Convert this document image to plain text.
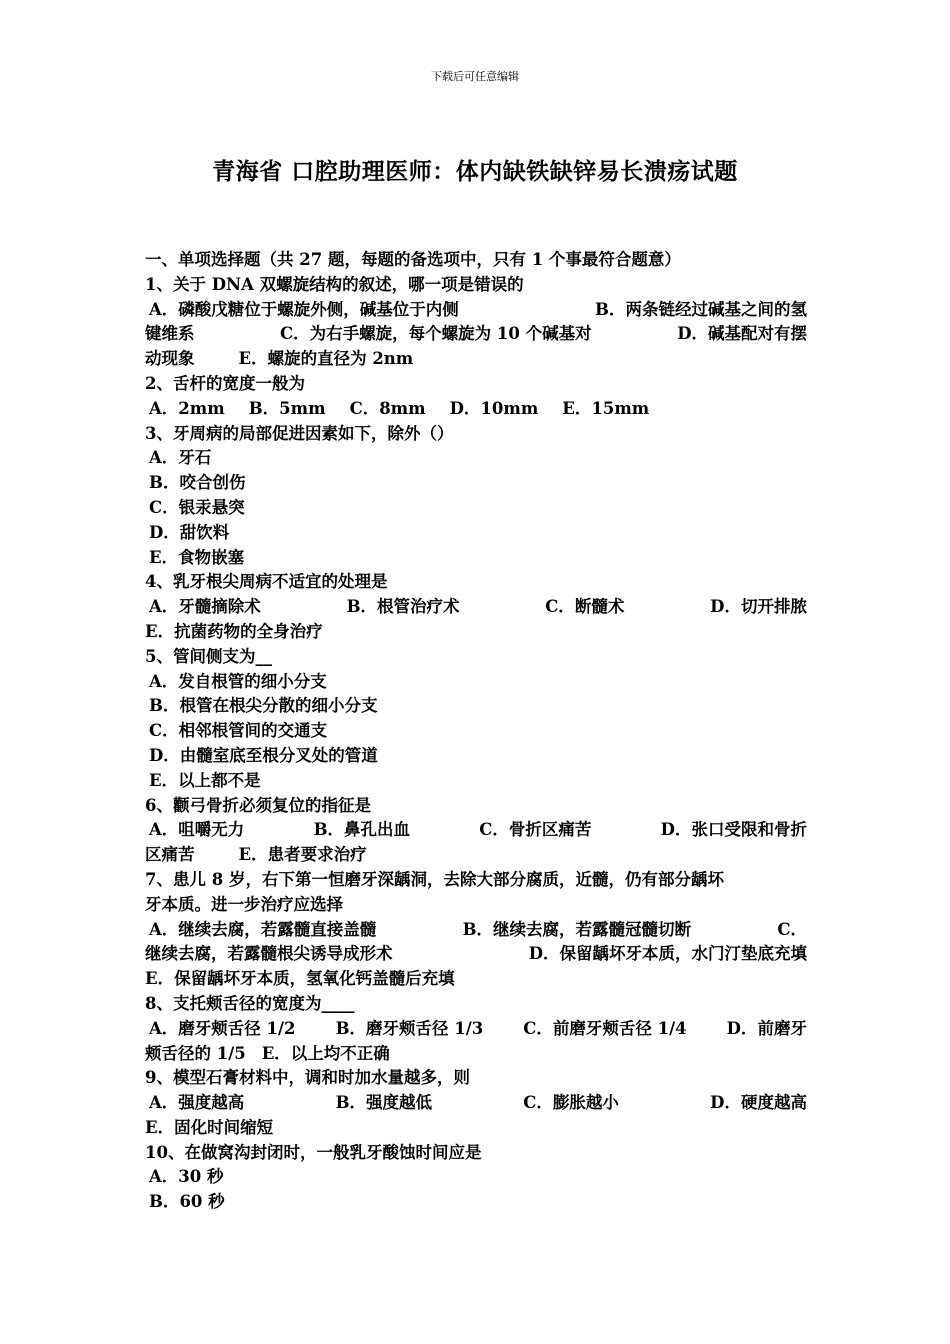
下载后可任意编辑
青海省 口腔助理医师：体内缺铁缺锌易长溃疡试题
一、单项选择题（共 27 题，每题的备选项中，只有 1 个事最符合题意）
1、关于 DNA 双螺旋结构的叙述，哪一项是错误的
A．磷酸戊糖位于螺旋外侧，碱基位于内侧	B．两条链经过碱基之间的氢
键维系	C．为右手螺旋，每个螺旋为 10 个碱基对	D．碱基配对有摆
动现象	E．螺旋的直径为 2nm
2、舌杆的宽度一般为
A．2mm B．5mm C．8mm D．10mm E．15mm
3、牙周病的局部促进因素如下，除外（）
A．牙石
B．咬合创伤
C．银汞悬突
D．甜饮料
E．食物嵌塞
4、乳牙根尖周病不适宜的处理是
A．牙髓摘除术	B．根管治疗术	C．断髓术	D．切开排脓
E．抗菌药物的全身治疗
5、管间侧支为__
A．发自根管的细小分支
B．根管在根尖分散的细小分支
C．相邻根管间的交通支
D．由髓室底至根分叉处的管道
E．以上都不是
6、颧弓骨折必须复位的指征是
A．咀嚼无力	B．鼻孔出血	C．骨折区痛苦	D．张口受限和骨折
区痛苦	E．患者要求治疗
7、患儿 8 岁，右下第一恒磨牙深龋洞，去除大部分腐质，近髓，仍有部分龋坏
牙本质。进一步治疗应选择
A．继续去腐，若露髓直接盖髓	B．继续去腐，若露髓冠髓切断	C．
继续去腐，若露髓根尖诱导成形术	D．保留龋坏牙本质，水门汀垫底充填
E．保留龋坏牙本质，氢氧化钙盖髓后充填
8、支托颊舌径的宽度为____
A．磨牙颊舌径 1/2 B．磨牙颊舌径 1/3 C．前磨牙颊舌径 1/4 D．前磨牙
颊舌径的 1/5 E．以上均不正确
9、模型石膏材料中，调和时加水量越多，则
A．强度越高	B．强度越低	C．膨胀越小	D．硬度越高
E．固化时间缩短
10、在做窝沟封闭时，一般乳牙酸蚀时间应是
A．30 秒
B．60 秒
